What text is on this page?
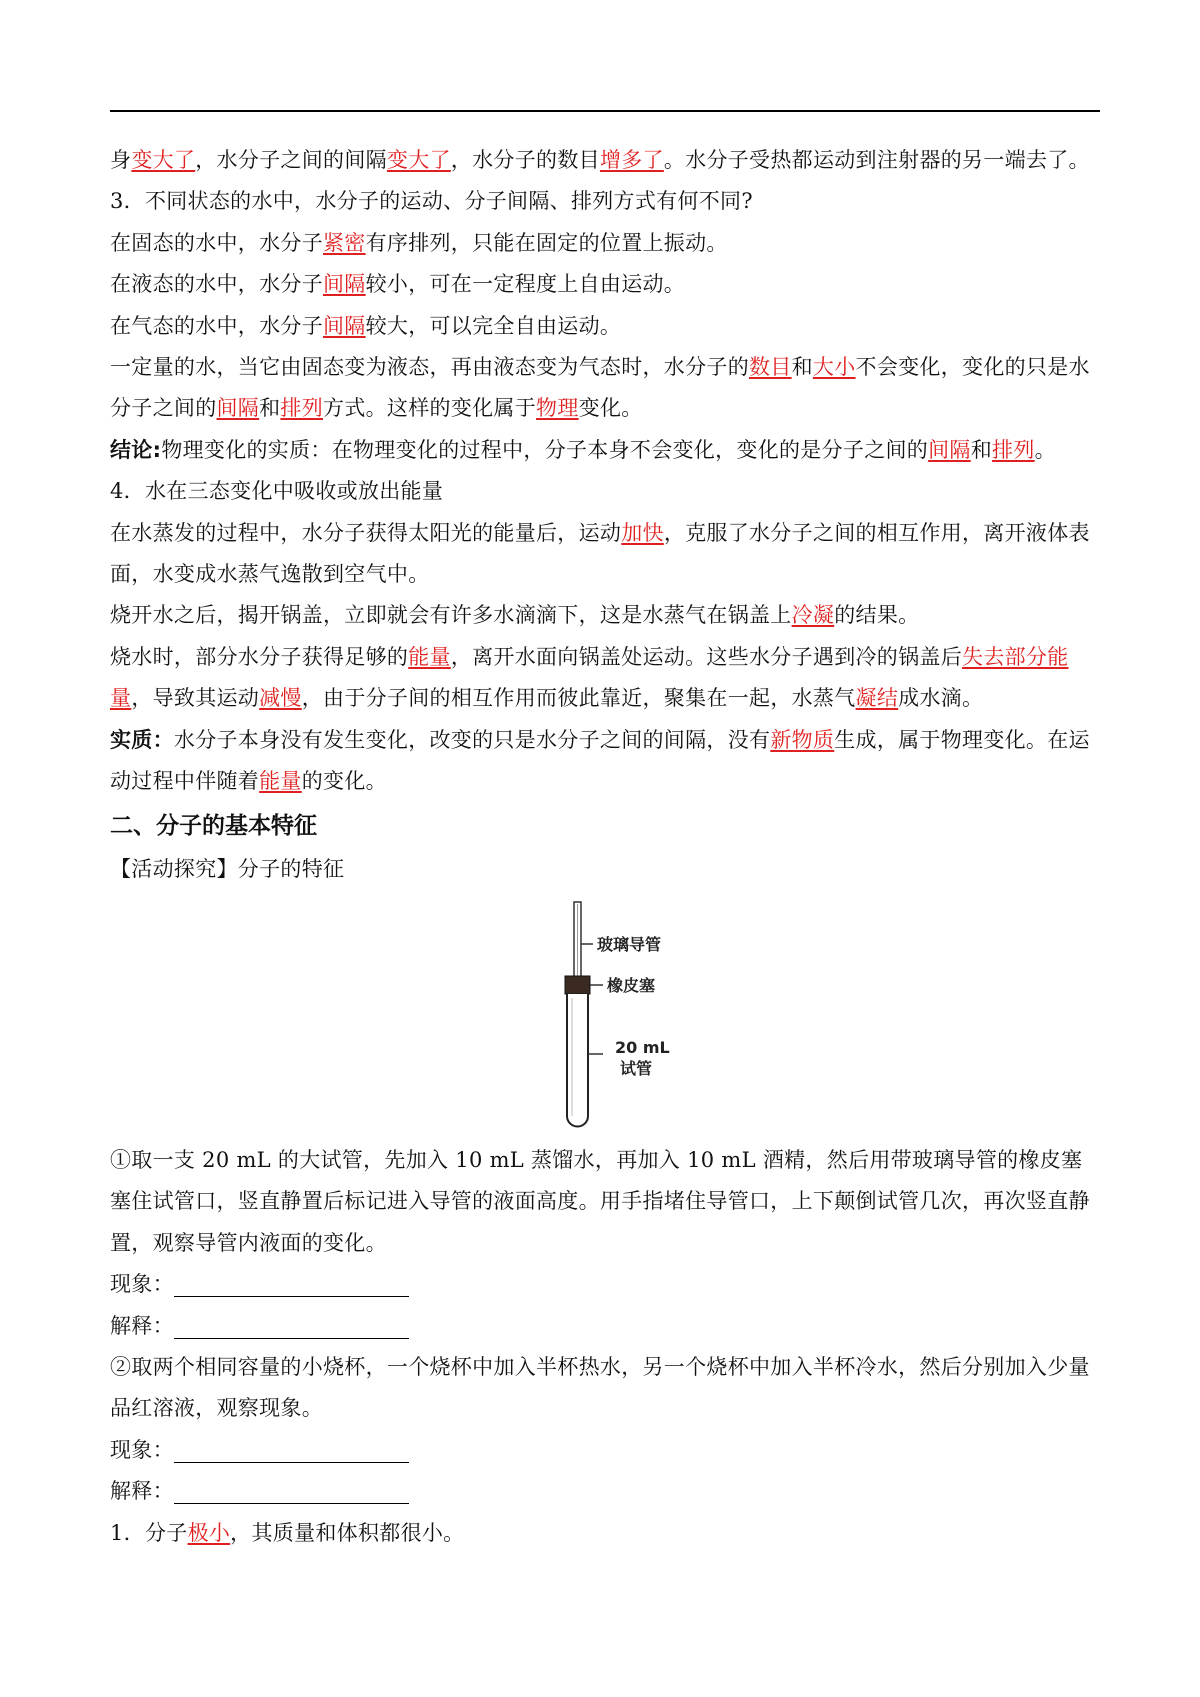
身变大了，水分子之间的间隔变大了，水分子的数目增多了。水分子受热都运动到注射器的另一端去了。

3．不同状态的水中，水分子的运动、分子间隔、排列方式有何不同?

在固态的水中，水分子紧密有序排列，只能在固定的位置上振动。

在液态的水中，水分子间隔较小，可在一定程度上自由运动。

在气态的水中，水分子间隔较大，可以完全自由运动。

一定量的水，当它由固态变为液态，再由液态变为气态时，水分子的数目和大小不会变化，变化的只是水分子之间的间隔和排列方式。这样的变化属于物理变化。

结论:物理变化的实质：在物理变化的过程中，分子本身不会变化，变化的是分子之间的间隔和排列。

4．水在三态变化中吸收或放出能量

在水蒸发的过程中，水分子获得太阳光的能量后，运动加快，克服了水分子之间的相互作用，离开液体表面，水变成水蒸气逸散到空气中。

烧开水之后，揭开锅盖，立即就会有许多水滴滴下，这是水蒸气在锅盖上冷凝的结果。

烧水时，部分水分子获得足够的能量，离开水面向锅盖处运动。这些水分子遇到冷的锅盖后失去部分能量，导致其运动减慢，由于分子间的相互作用而彼此靠近，聚集在一起，水蒸气凝结成水滴。

实质：水分子本身没有发生变化，改变的只是水分子之间的间隔，没有新物质生成，属于物理变化。在运动过程中伴随着能量的变化。

二、分子的基本特征

【活动探究】分子的特征

玻璃导管
橡皮塞
20 mL
试管

①取一支 20 mL 的大试管，先加入 10 mL 蒸馏水，再加入 10 mL 酒精，然后用带玻璃导管的橡皮塞塞住试管口，竖直静置后标记进入导管的液面高度。用手指堵住导管口，上下颠倒试管几次，再次竖直静置，观察导管内液面的变化。

现象：

解释：

②取两个相同容量的小烧杯，一个烧杯中加入半杯热水，另一个烧杯中加入半杯冷水，然后分别加入少量品红溶液，观察现象。

现象：

解释：

1．分子极小，其质量和体积都很小。
